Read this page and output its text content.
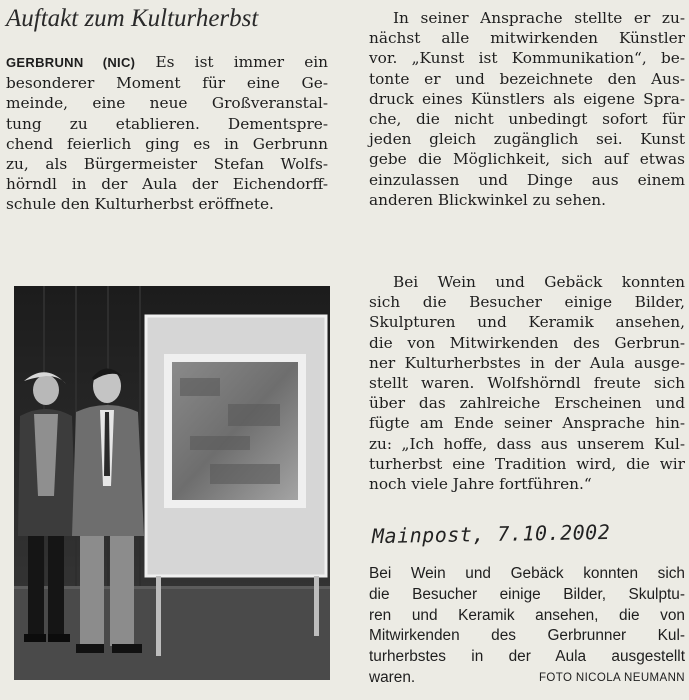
Auftakt zum Kulturherbst
GERBRUNN (NIC) Es ist immer ein
besonderer Moment für eine Ge-
meinde, eine neue Großveranstal-
tung zu etablieren. Dementspre-
chend feierlich ging es in Gerbrunn
zu, als Bürgermeister Stefan Wolfs-
hörndl in der Aula der Eichendorff-
schule den Kulturherbst eröffnete.
In seiner Ansprache stellte er zu-
nächst alle mitwirkenden Künstler
vor. „Kunst ist Kommunikation“, be-
tonte er und bezeichnete den Aus-
druck eines Künstlers als eigene Spra-
che, die nicht unbedingt sofort für
jeden gleich zugänglich sei. Kunst
gebe die Möglichkeit, sich auf etwas
einzulassen und Dinge aus einem
anderen Blickwinkel zu sehen.
Bei Wein und Gebäck konnten
sich die Besucher einige Bilder,
Skulpturen und Keramik ansehen,
die von Mitwirkenden des Gerbrun-
ner Kulturherbstes in der Aula ausge-
stellt waren. Wolfshörndl freute sich
über das zahlreiche Erscheinen und
fügte am Ende seiner Ansprache hin-
zu: „Ich hoffe, dass aus unserem Kul-
turherbst eine Tradition wird, die wir
noch viele Jahre fortführen.“
Mainpost, 7.10.2002
Bei Wein und Gebäck konnten sich
die Besucher einige Bilder, Skulptu-
ren und Keramik ansehen, die von
Mitwirkenden des Gerbrunner Kul-
turherbstes in der Aula ausgestellt
waren.	FOTO NICOLA NEUMANN
